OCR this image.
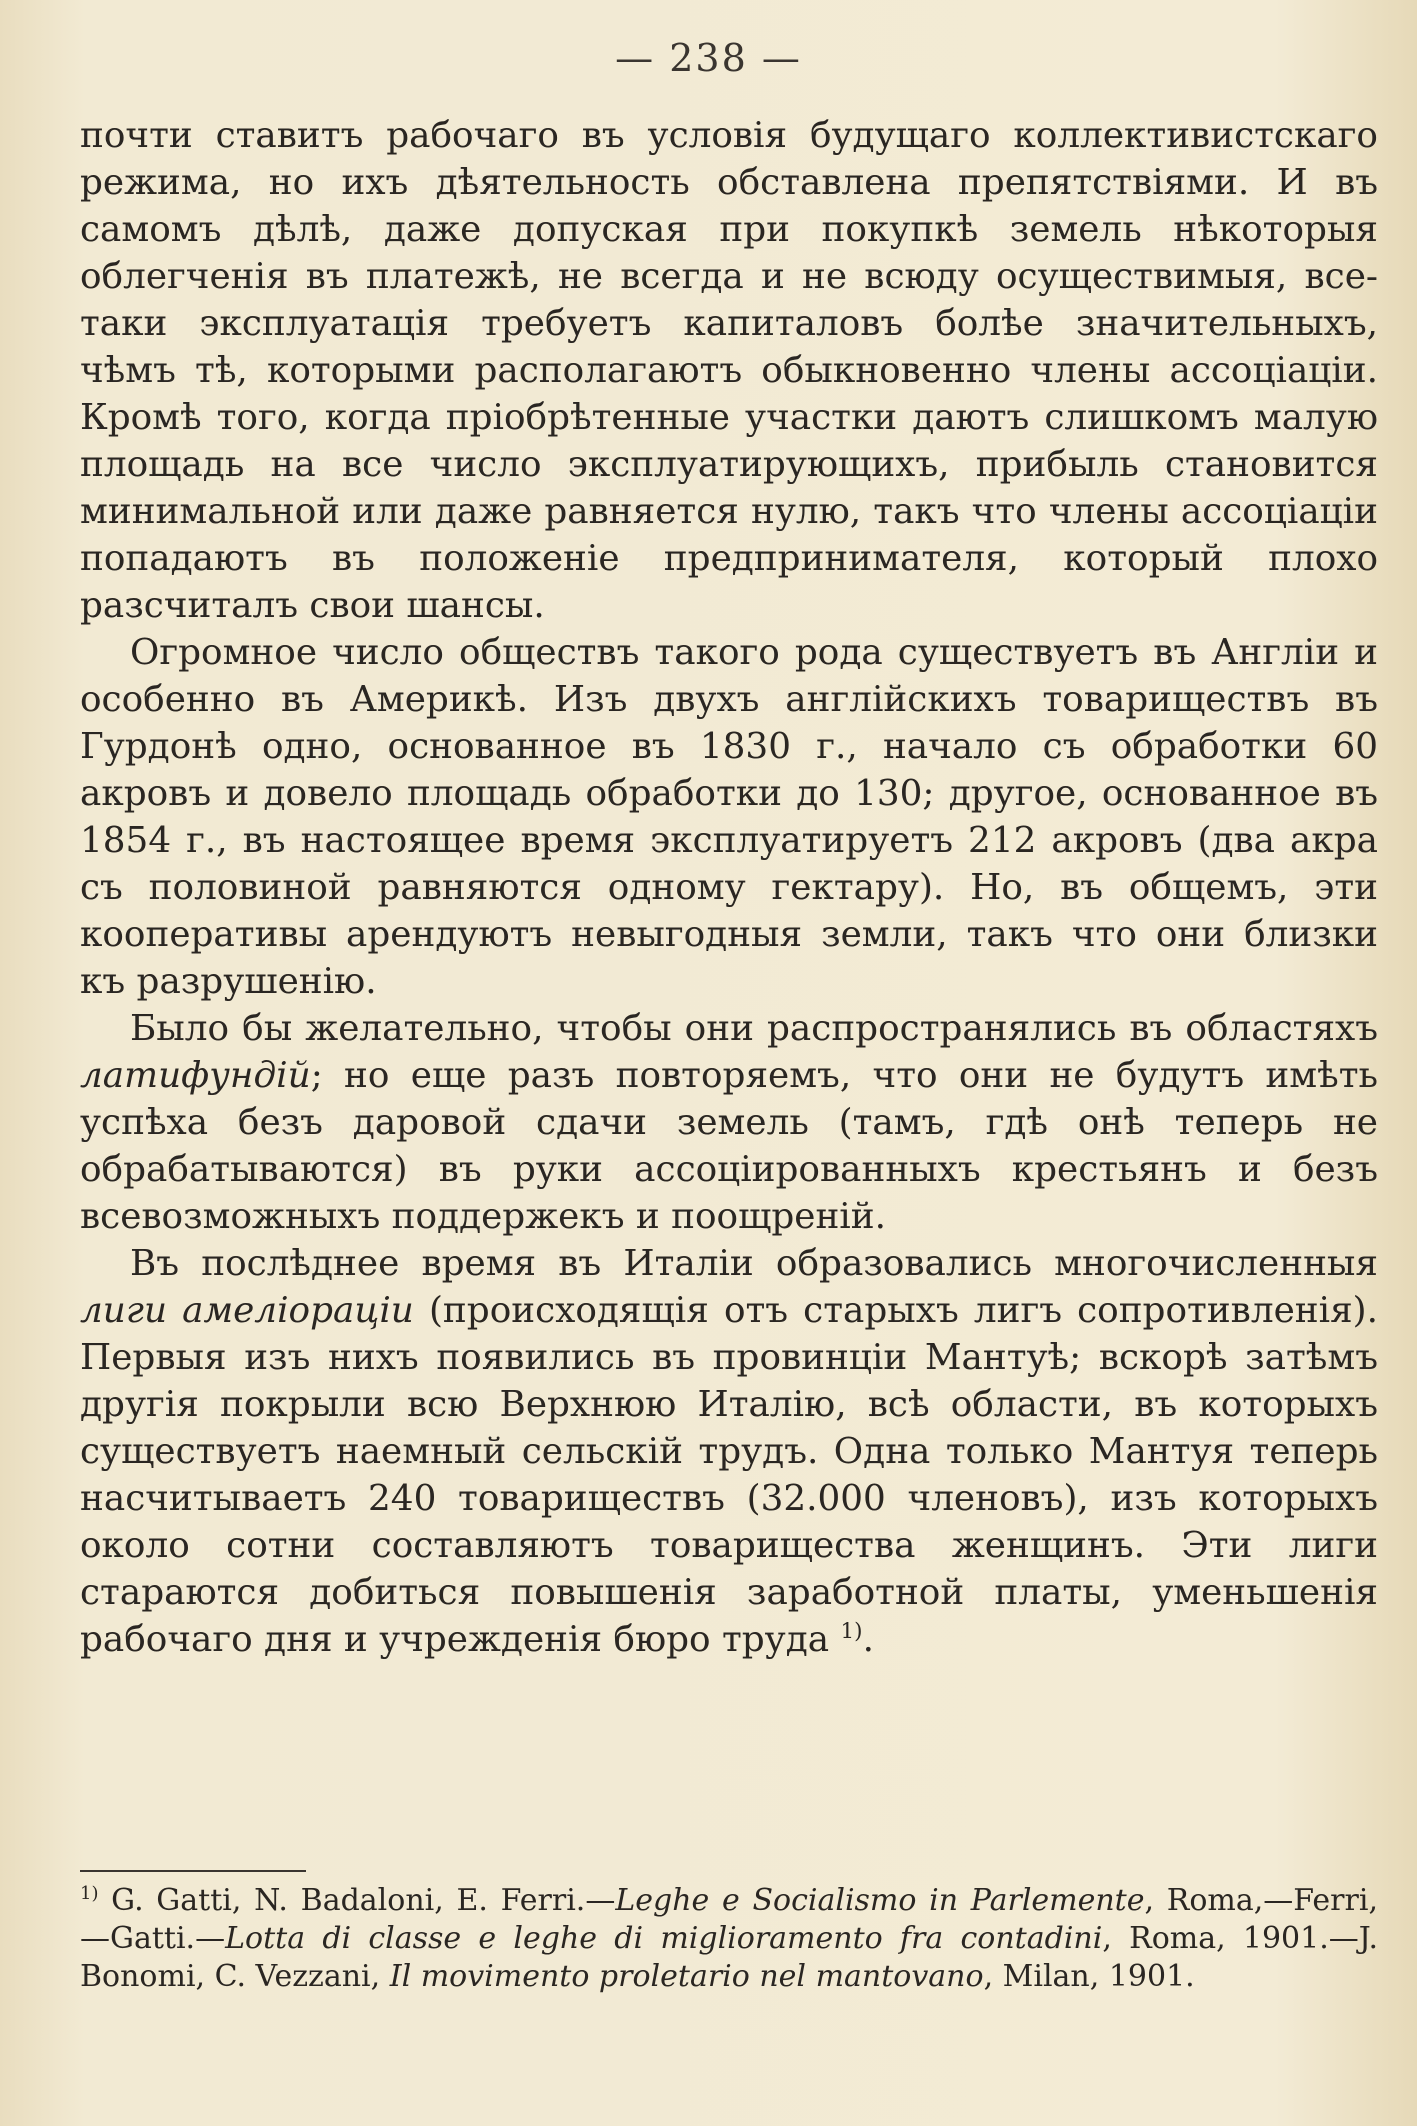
— 238 —

почти ставитъ рабочаго въ условія будущаго коллективистскаго режима, но ихъ дѣятельность обставлена препятствіями. И въ самомъ дѣлѣ, даже допуская при покупкѣ земель нѣкоторыя облегченія въ платежѣ, не всегда и не всюду осуществимыя, все-таки эксплуатація требуетъ капиталовъ болѣе значительныхъ, чѣмъ тѣ, которыми располагаютъ обыкновенно члены ассоціаціи. Кромѣ того, когда пріобрѣтенные участки даютъ слишкомъ малую площадь на все число эксплуатирующихъ, прибыль становится минимальной или даже равняется нулю, такъ что члены ассоціаціи попадаютъ въ положеніе предпринимателя, который плохо разсчиталъ свои шансы.

Огромное число обществъ такого рода существуетъ въ Англіи и особенно въ Америкѣ. Изъ двухъ англійскихъ товариществъ въ Гурдонѣ одно, основанное въ 1830 г., начало съ обработки 60 акровъ и довело площадь обработки до 130; другое, основанное въ 1854 г., въ настоящее время эксплуатируетъ 212 акровъ (два акра съ половиной равняются одному гектару). Но, въ общемъ, эти кооперативы арендуютъ невыгодныя земли, такъ что они близки къ разрушенію.

Было бы желательно, чтобы они распространялись въ областяхъ латифундій; но еще разъ повторяемъ, что они не будутъ имѣть успѣха безъ даровой сдачи земель (тамъ, гдѣ онѣ теперь не обрабатываются) въ руки ассоціированныхъ крестьянъ и безъ всевозможныхъ поддержекъ и поощреній.

Въ послѣднее время въ Италіи образовались многочисленныя лиги амеліораціи (происходящія отъ старыхъ лигъ сопротивленія). Первыя изъ нихъ появились въ провинціи Мантуѣ; вскорѣ затѣмъ другія покрыли всю Верхнюю Италію, всѣ области, въ которыхъ существуетъ наемный сельскій трудъ. Одна только Мантуя теперь насчитываетъ 240 товариществъ (32.000 членовъ), изъ которыхъ около сотни составляютъ товарищества женщинъ. Эти лиги стараются добиться повышенія заработной платы, уменьшенія рабочаго дня и учрежденія бюро труда $^{1)}$.

$^{1)}$ G. Gatti, N. Badaloni, E. Ferri.—Leghe e Socialismo in Parlemente, Roma,—Ferri, —Gatti.—Lotta di classe e leghe di miglioramento fra contadini, Roma, 1901.—J. Bonomi, C. Vezzani, Il movimento proletario nel mantovano, Milan, 1901.
